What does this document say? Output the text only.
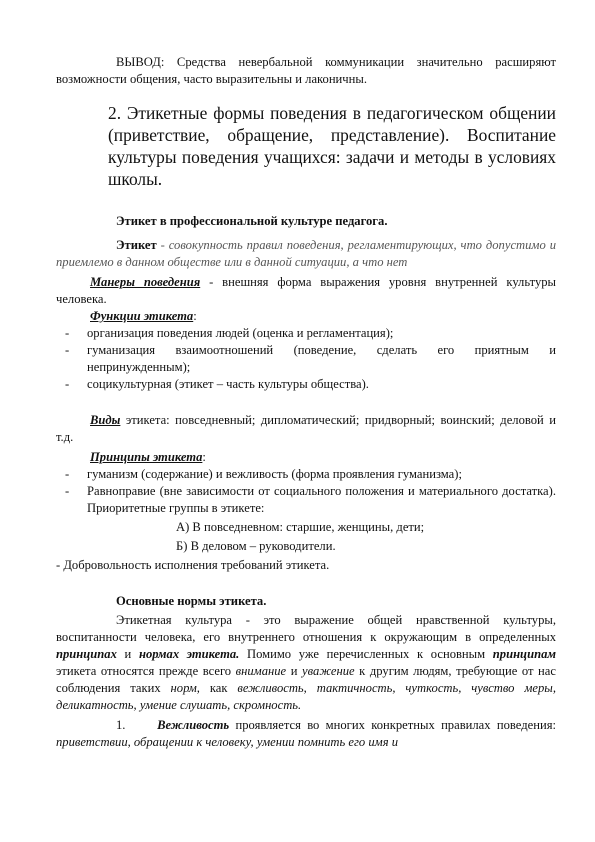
ВЫВОД: Средства невербальной коммуникации значительно расширяют возможности общения, часто выразительны и лаконичны.

2. Этикетные формы поведения в педагогическом общении (приветствие, обращение, представление). Воспитание культуры поведения учащихся: задачи и методы в условиях школы.

Этикет в профессиональной культуре педагога.

Этикет - совокупность правил поведения, регламентирующих, что допустимо и приемлемо в данном обществе или в данной ситуации, а что нет

Манеры поведения - внешняя форма выражения уровня внутренней культуры человека.

Функции этикета:

- организация поведения людей (оценка и регламентация);
- гуманизация взаимоотношений (поведение, сделать его приятным и непринужденным);
- социкультурная (этикет – часть культуры общества).

Виды этикета: повседневный; дипломатический; придворный; воинский; деловой и т.д.

Принципы этикета:

- гуманизм (содержание) и вежливость (форма проявления гуманизма);
- Равноправие (вне зависимости от социального положения и материального достатка). Приоритетные группы в этикете:

А) В повседневном: старшие, женщины, дети;

Б) В деловом – руководители.

- Добровольность исполнения требований этикета.

Основные нормы этикета.

Этикетная культура - это выражение общей нравственной культуры, воспитанности человека, его внутреннего отношения к окружающим в определенных принципах и нормах этикета. Помимо уже перечисленных к основным принципам этикета относятся прежде всего внимание и уважение к другим людям, требующие от нас соблюдения таких норм, как вежливость, тактичность, чуткость, чувство меры, деликатность, умение слушать, скромность.

1.	Вежливость проявляется во многих конкретных правилах поведения: приветствии, обращении к человеку, умении помнить его имя и
